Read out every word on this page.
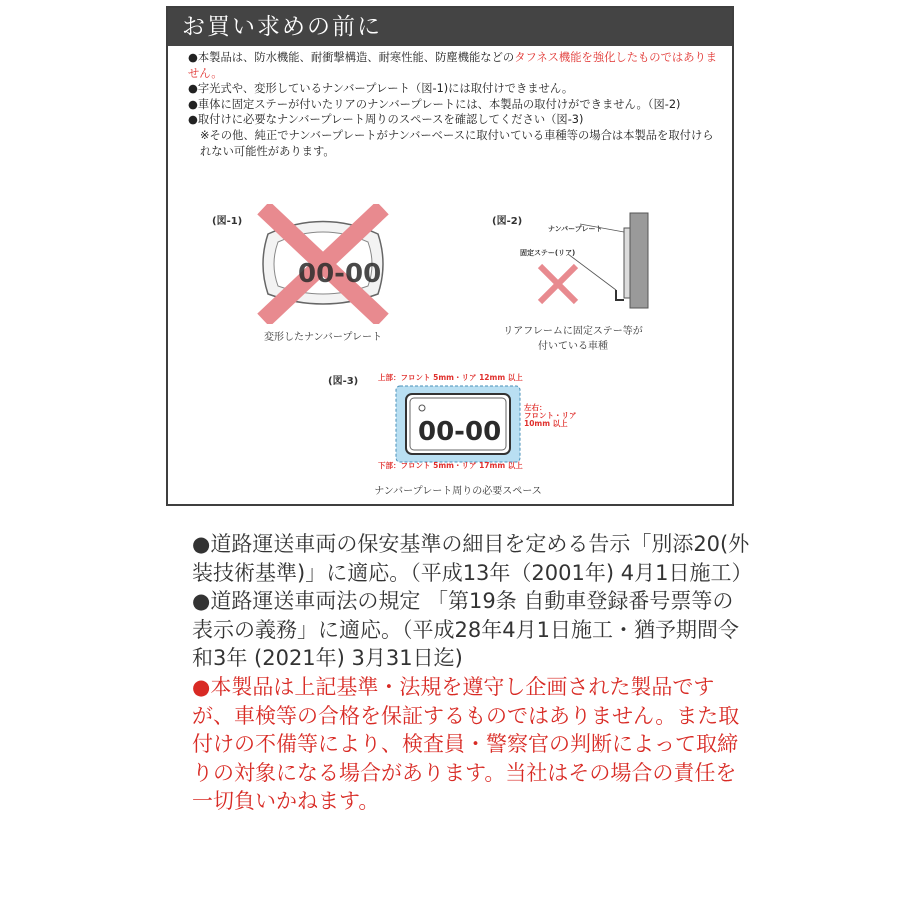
お買い求めの前に

●本製品は、防水機能、耐衝撃構造、耐寒性能、防塵機能などのタフネス機能を強化したものではありません。

●字光式や、変形しているナンバープレート（図-1)には取付けできません。

●車体に固定ステーが付いたリアのナンバープレートには、本製品の取付けができません。（図-2)

●取付けに必要なナンバープレート周りのスペースを確認してください（図-3)

※その他、純正でナンバープレートがナンバーベースに取付いている車種等の場合は本製品を取付けられない可能性があります。

(図-1)
00-00
変形したナンバープレート
(図-2)
ナンバープレート
固定ステー(リア)
リアフレームに固定ステー等が
付いている車種
(図-3)	上部：フロント 5mm・リア 12mm 以上
00-00
左右：
フロント・リア
10mm 以上
下部：フロント 5mm・リア 17mm 以上
ナンバープレート周りの必要スペース

●道路運送車両の保安基準の細目を定める告示「別添20(外装技術基準)」に適応。（平成13年（2001年) 4月1日施工）

●道路運送車両法の規定 「第19条 自動車登録番号票等の表示の義務」に適応。（平成28年4月1日施工・猶予期間令和3年 (2021年) 3月31日迄)

●本製品は上記基準・法規を遵守し企画された製品ですが、車検等の合格を保証するものではありません。また取付けの不備等により、検査員・警察官の判断によって取締りの対象になる場合があります。当社はその場合の責任を一切負いかねます。
